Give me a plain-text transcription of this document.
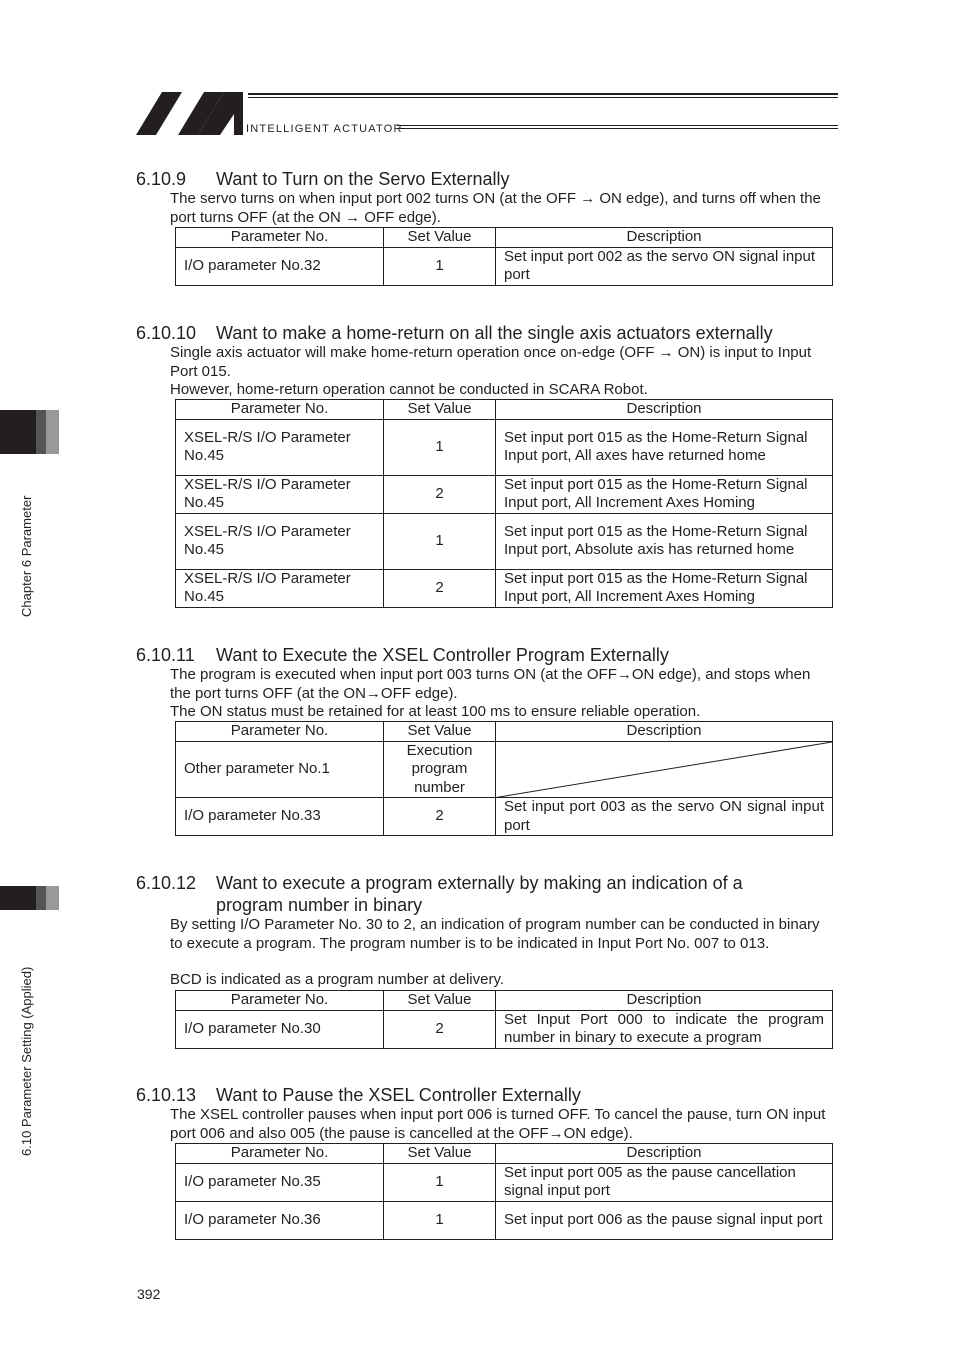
INTELLIGENT ACTUATOR
Chapter 6 Parameter
6.10 Parameter Setting (Applied)
6.10.9 Want to Turn on the Servo Externally
The servo turns on when input port 002 turns ON (at the OFF → ON edge), and turns off when the port turns OFF (at the ON → OFF edge).
Parameter No.	Set Value	Description
I/O parameter No.32	1	Set input port 002 as the servo ON signal input port
6.10.10 Want to make a home-return on all the single axis actuators externally
Single axis actuator will make home-return operation once on-edge (OFF → ON) is input to Input Port 015.
However, home-return operation cannot be conducted in SCARA Robot.
Parameter No.	Set Value	Description
XSEL-R/S I/O Parameter No.45	1	Set input port 015 as the Home-Return Signal Input port, All axes have returned home
XSEL-R/S I/O Parameter No.45	2	Set input port 015 as the Home-Return Signal Input port, All Increment Axes Homing
XSEL-R/S I/O Parameter No.45	1	Set input port 015 as the Home-Return Signal Input port, Absolute axis has returned home
XSEL-R/S I/O Parameter No.45	2	Set input port 015 as the Home-Return Signal Input port, All Increment Axes Homing
6.10.11 Want to Execute the XSEL Controller Program Externally
The program is executed when input port 003 turns ON (at the OFF→ON edge), and stops when the port turns OFF (at the ON→OFF edge).
The ON status must be retained for at least 100 ms to ensure reliable operation.
Parameter No.	Set Value	Description
Other parameter No.1	Execution program number	

I/O parameter No.33	2	Set input port 003 as the servo ON signal input port
6.10.12 Want to execute a program externally by making an indication of a
program number in binary
By setting I/O Parameter No. 30 to 2, an indication of program number can be conducted in binary to execute a program. The program number is to be indicated in Input Port No. 007 to 013.
BCD is indicated as a program number at delivery.
Parameter No.	Set Value	Description
I/O parameter No.30	2	Set Input Port 000 to indicate the program number in binary to execute a program
6.10.13 Want to Pause the XSEL Controller Externally
The XSEL controller pauses when input port 006 is turned OFF. To cancel the pause, turn ON input port 006 and also 005 (the pause is cancelled at the OFF→ON edge).
Parameter No.	Set Value	Description
I/O parameter No.35	1	Set input port 005 as the pause cancellation signal input port
I/O parameter No.36	1	Set input port 006 as the pause signal input port
392
